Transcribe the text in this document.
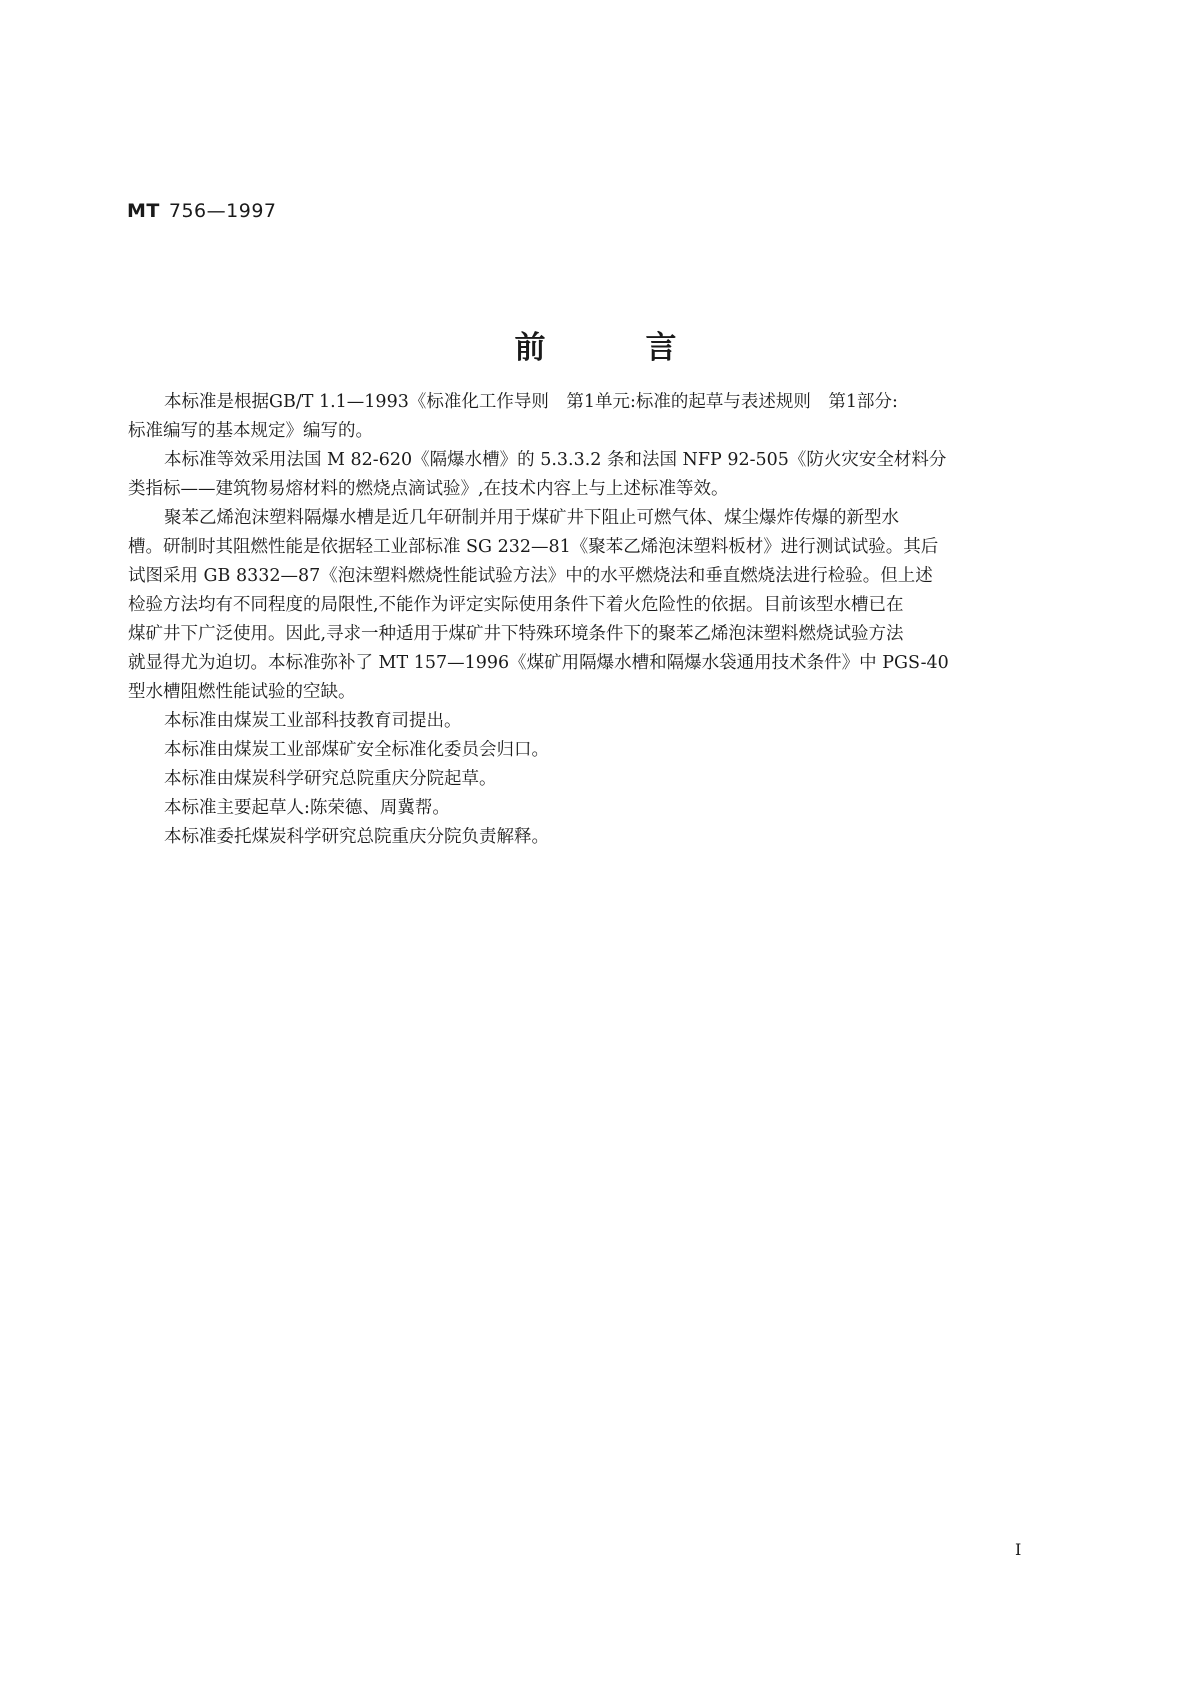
MT 756—1997
前	言
本标准是根据GB/T 1.1—1993《标准化工作导则　第1单元:标准的起草与表述规则　第1部分:
标准编写的基本规定》编写的。
本标准等效采用法国 M 82-620《隔爆水槽》的 5.3.3.2 条和法国 NFP 92-505《防火灾安全材料分
类指标——建筑物易熔材料的燃烧点滴试验》,在技术内容上与上述标准等效。
聚苯乙烯泡沫塑料隔爆水槽是近几年研制并用于煤矿井下阻止可燃气体、煤尘爆炸传爆的新型水
槽。研制时其阻燃性能是依据轻工业部标准 SG 232—81《聚苯乙烯泡沫塑料板材》进行测试试验。其后
试图采用 GB 8332—87《泡沫塑料燃烧性能试验方法》中的水平燃烧法和垂直燃烧法进行检验。但上述
检验方法均有不同程度的局限性,不能作为评定实际使用条件下着火危险性的依据。目前该型水槽已在
煤矿井下广泛使用。因此,寻求一种适用于煤矿井下特殊环境条件下的聚苯乙烯泡沫塑料燃烧试验方法
就显得尤为迫切。本标准弥补了 MT 157—1996《煤矿用隔爆水槽和隔爆水袋通用技术条件》中 PGS-40
型水槽阻燃性能试验的空缺。
本标准由煤炭工业部科技教育司提出。
本标准由煤炭工业部煤矿安全标准化委员会归口。
本标准由煤炭科学研究总院重庆分院起草。
本标准主要起草人:陈荣德、周冀帮。
本标准委托煤炭科学研究总院重庆分院负责解释。
I
